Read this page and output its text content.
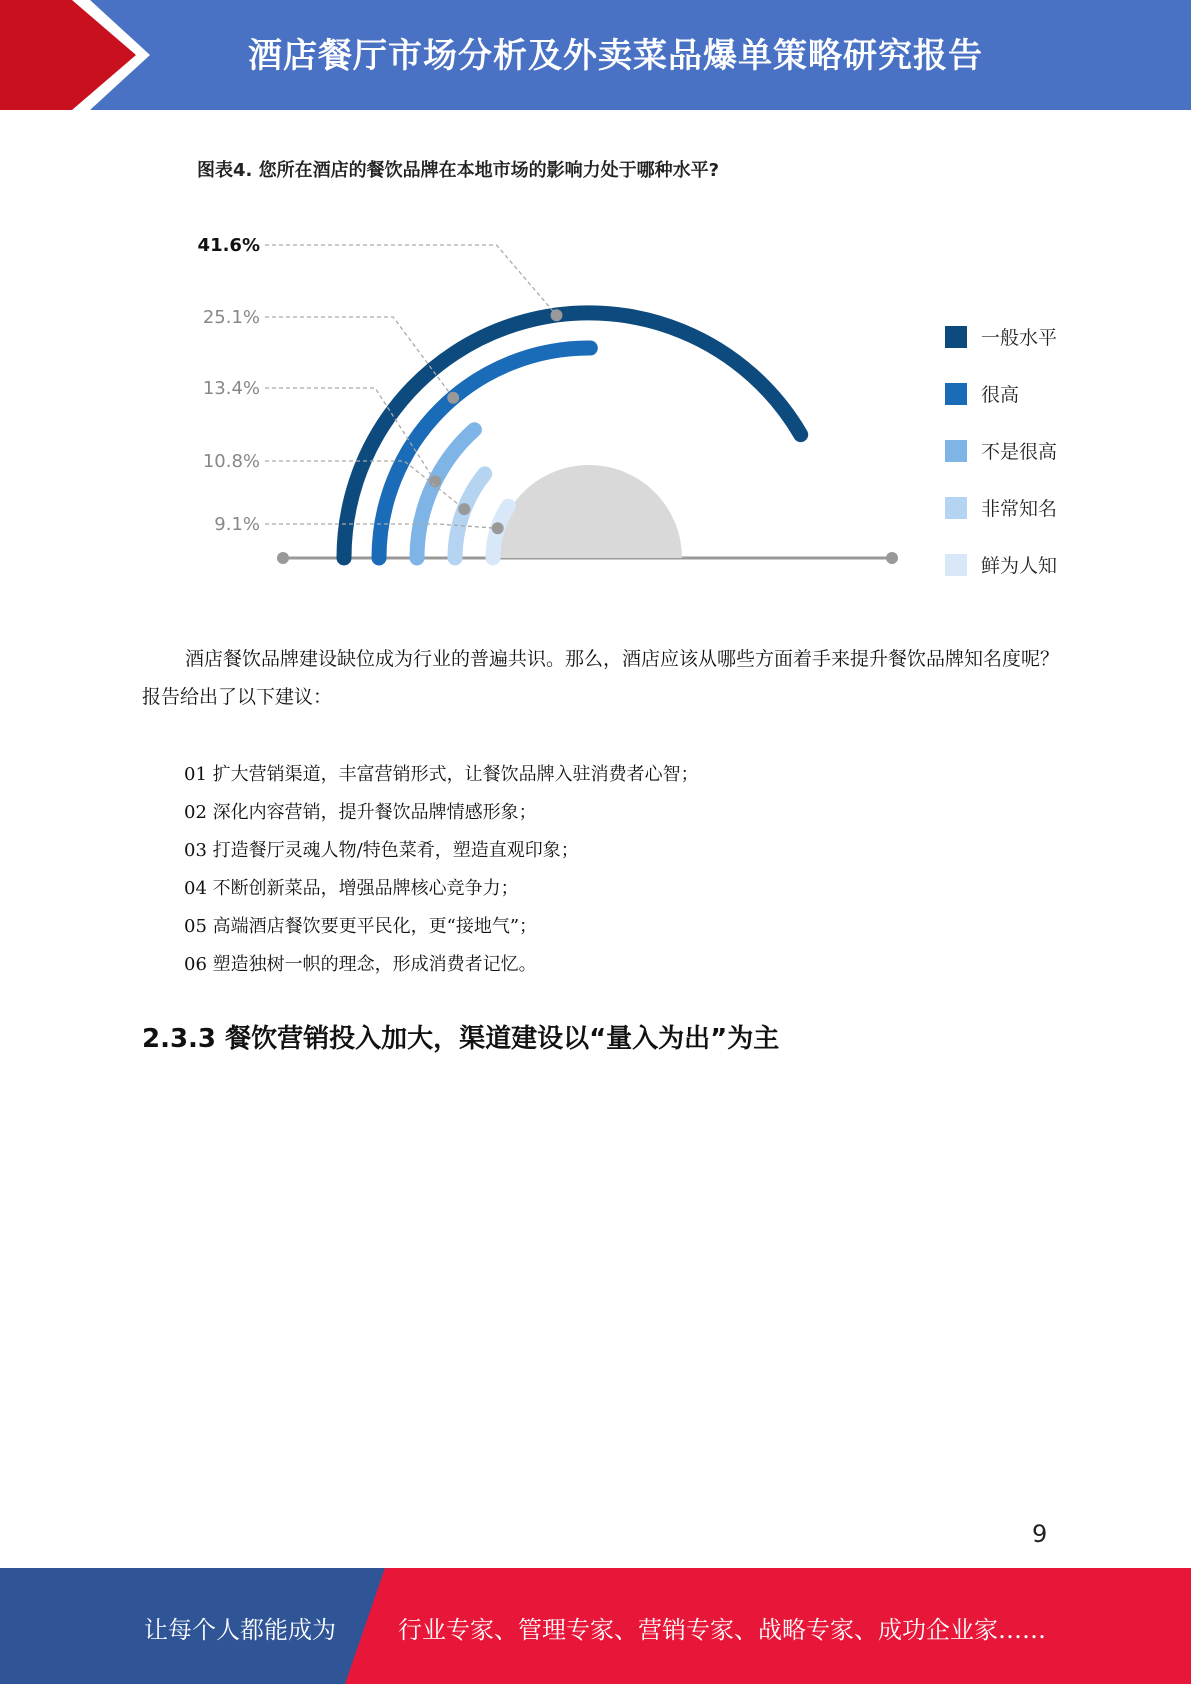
酒店餐厅市场分析及外卖菜品爆单策略研究报告
图表4. 您所在酒店的餐饮品牌在本地市场的影响力处于哪种水平?
41.6%
25.1%
13.4%
10.8%
9.1%
一般水平
很高
不是很高
非常知名
鲜为人知

酒店餐饮品牌建设缺位成为行业的普遍共识。那么，酒店应该从哪些方面着手来提升餐饮品牌知名度呢？报告给出了以下建议：

01 扩大营销渠道，丰富营销形式，让餐饮品牌入驻消费者心智；
02 深化内容营销，提升餐饮品牌情感形象；
03 打造餐厅灵魂人物/特色菜肴，塑造直观印象；
04 不断创新菜品，增强品牌核心竞争力；
05 高端酒店餐饮要更平民化，更“接地气”；
06 塑造独树一帜的理念，形成消费者记忆。
2.3.3 餐饮营销投入加大，渠道建设以“量入为出”为主
9
让每个人都能成为	行业专家、管理专家、营销专家、战略专家、成功企业家……
